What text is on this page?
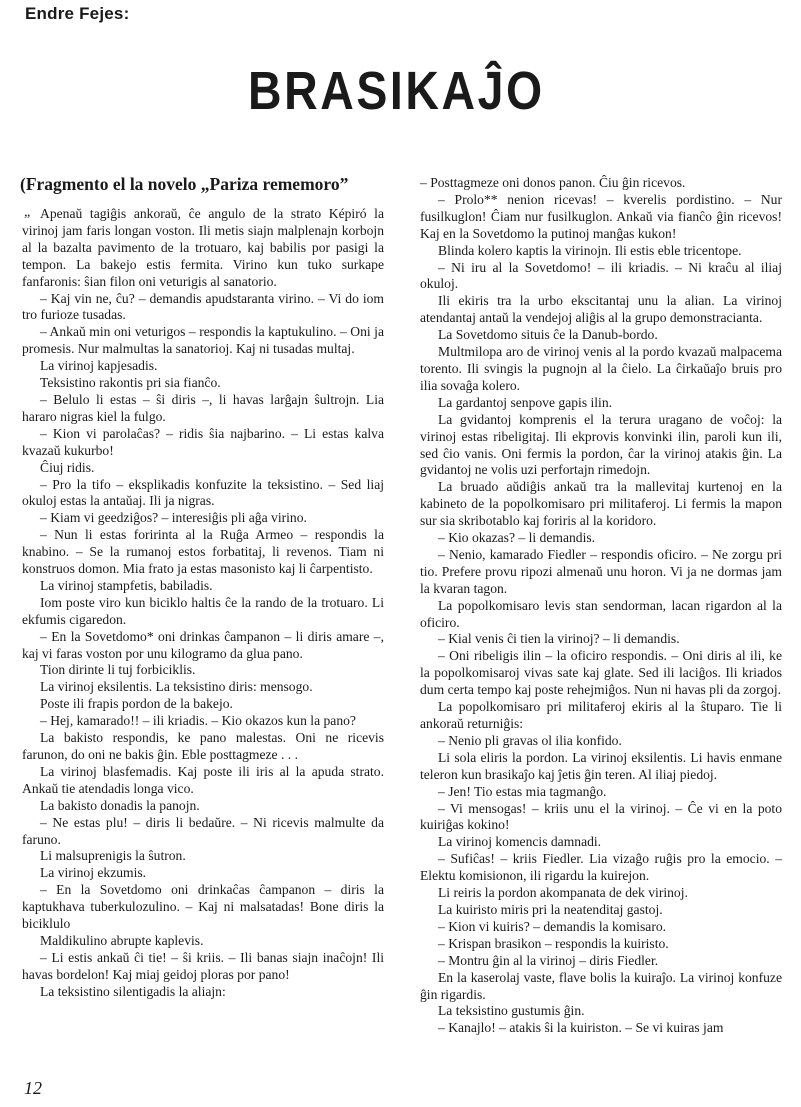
Endre Fejes:
BRASIKAĴO
(Fragmento el la novelo „Pariza rememoro”
„ Apenaŭ tagiĝis ankoraŭ, ĉe angulo de la strato Képiró la virinoj jam faris longan voston. Ili metis siajn malplenajn korbojn al la bazalta pavimento de la trotuaro, kaj babilis por pasigi la tempon. La bakejo estis fermita. Virino kun tuko surkape fanfaronis: ŝian filon oni veturigis al sanatorio.

– Kaj vin ne, ĉu? – demandis apudstaranta virino. – Vi do iom tro furioze tusadas.

– Ankaŭ min oni veturigos – respondis la kaptukulino. – Oni ja promesis. Nur malmultas la sanatorioj. Kaj ni tusadas multaj.

La virinoj kapjesadis.

Teksistino rakontis pri sia fianĉo.

– Belulo li estas – ŝi diris –, li havas larĝajn ŝultrojn. Lia hararo nigras kiel la fulgo.

– Kion vi parolaĉas? – ridis ŝia najbarino. – Li estas kalva kvazaŭ kukurbo!

Ĉiuj ridis.

– Pro la tifo – eksplikadis konfuzite la teksistino. – Sed liaj okuloj estas la antaŭaj. Ili ja nigras.

– Kiam vi geedziĝos? – interesiĝis pli aĝa virino.

– Nun li estas foririnta al la Ruĝa Armeo – respondis la knabino. – Se la rumanoj estos forbatitaj, li revenos. Tiam ni konstruos domon. Mia frato ja estas masonisto kaj li ĉarpentisto.

La virinoj stampfetis, babiladis.

Iom poste viro kun biciklo haltis ĉe la rando de la trotuaro. Li ekfumis cigaredon.

– En la Sovetdomo* oni drinkas ĉampanon – li diris amare –, kaj vi faras voston por unu kilogramo da glua pano.

Tion dirinte li tuj forbiciklis.

La virinoj eksilentis. La teksistino diris: mensogo.

Poste ili frapis pordon de la bakejo.

– Hej, kamarado!! – ili kriadis. – Kio okazos kun la pano?

La bakisto respondis, ke pano malestas. Oni ne ricevis farunon, do oni ne bakis ĝin. Eble posttagmeze . . .

La virinoj blasfemadis. Kaj poste ili iris al la apuda strato. Ankaŭ tie atendadis longa vico.

La bakisto donadis la panojn.

– Ne estas plu! – diris li bedaŭre. – Ni ricevis malmulte da faruno.

Li malsuprenigis la ŝutron.

La virinoj ekzumis.

– En la Sovetdomo oni drinkaĉas ĉampanon – diris la kaptukhava tuberkulozulino. – Kaj ni malsatadas! Bone diris la biciklulo

Maldikulino abrupte kaplevis.

– Li estis ankaŭ ĉi tie! – ŝi kriis. – Ili banas siajn inaĉojn! Ili havas bordelon! Kaj miaj geidoj ploras por pano!

La teksistino silentigadis la aliajn:

– Posttagmeze oni donos panon. Ĉiu ĝin ricevos.

– Prolo** nenion ricevas! – kverelis pordistino. – Nur fusilkuglon! Ĉiam nur fusilkuglon. Ankaŭ via fianĉo ĝin ricevos! Kaj en la Sovetdomo la putinoj manĝas kukon!

Blinda kolero kaptis la virinojn. Ili estis eble tricentope.

– Ni iru al la Sovetdomo! – ili kriadis. – Ni kraĉu al iliaj okuloj.

Ili ekiris tra la urbo ekscitantaj unu la alian. La virinoj atendantaj antaŭ la vendejoj aliĝis al la grupo demonstraciantа.

La Sovetdomo situis ĉe la Danub-bordo.

Multmilopa aro de virinoj venis al la pordo kvazaŭ malpacema torento. Ili svingis la pugnojn al la ĉielo. La ĉirkaŭaĵo bruis pro ilia sovaĝa kolero.

La gardantoj senpove gapis ilin.

La gvidantoj komprenis el la terura uragano de voĉoj: la virinoj estas ribeligitaj. Ili ekprovis konvinki ilin, paroli kun ili, sed ĉio vanis. Oni fermis la pordon, ĉar la virinoj atakis ĝin. La gvidantoj ne volis uzi perfortajn rimedojn.

La bruado aŭdiĝis ankaŭ tra la mallevitaj kurtenoj en la kabineto de la popolkomisaro pri militaferoj. Li fermis la mapon sur sia skribotablo kaj foriris al la koridoro.

– Kio okazas? – li demandis.

– Nenio, kamarado Fiedler – respondis oficiro. – Ne zorgu pri tio. Prefere provu ripozi almenaŭ unu horon. Vi ja ne dormas jam la kvaran tagon.

La popolkomisaro levis stan sendorman, lacan rigardon al la oficiro.

– Kial venis ĉi tien la virinoj? – li demandis.

– Oni ribeligis ilin – la oficiro respondis. – Oni diris al ili, ke la popolkomisaroj vivas sate kaj glate. Sed ili laciĝos. Ili kriados dum certa tempo kaj poste rehejmiĝos. Nun ni havas pli da zorgoj.

La popolkomisaro pri militaferoj ekiris al la ŝtuparo. Tie li ankoraŭ returniĝis:

– Nenio pli gravas ol ilia konfido.

Li sola eliris la pordon. La virinoj eksilentis. Li havis enmane teleron kun brasikaĵo kaj ĵetis ĝin teren. Al iliaj piedoj.

– Jen! Tio estas mia tagmanĝo.

– Vi mensogas! – kriis unu el la virinoj. – Ĉe vi en la poto kuiriĝas kokino!

La virinoj komencis damnadi.

– Sufiĉas! – kriis Fiedler. Lia vizaĝo ruĝis pro la emocio. – Elektu komisionon, ili rigardu la kuirejon.

Li reiris la pordon akompanata de dek virinoj.

La kuiristo miris pri la neatenditaj gastoj.

– Kion vi kuiris? – demandis la komisaro.

– Krispan brasikon – respondis la kuiristo.

– Montru ĝin al la virinoj – diris Fiedler.

En la kaserolaj vaste, flave bolis la kuiraĵo. La virinoj konfuze ĝin rigardis.

La teksistino gustumis ĝin.

– Kanajlo! – atakis ŝi la kuiriston. – Se vi kuiras jam

12
